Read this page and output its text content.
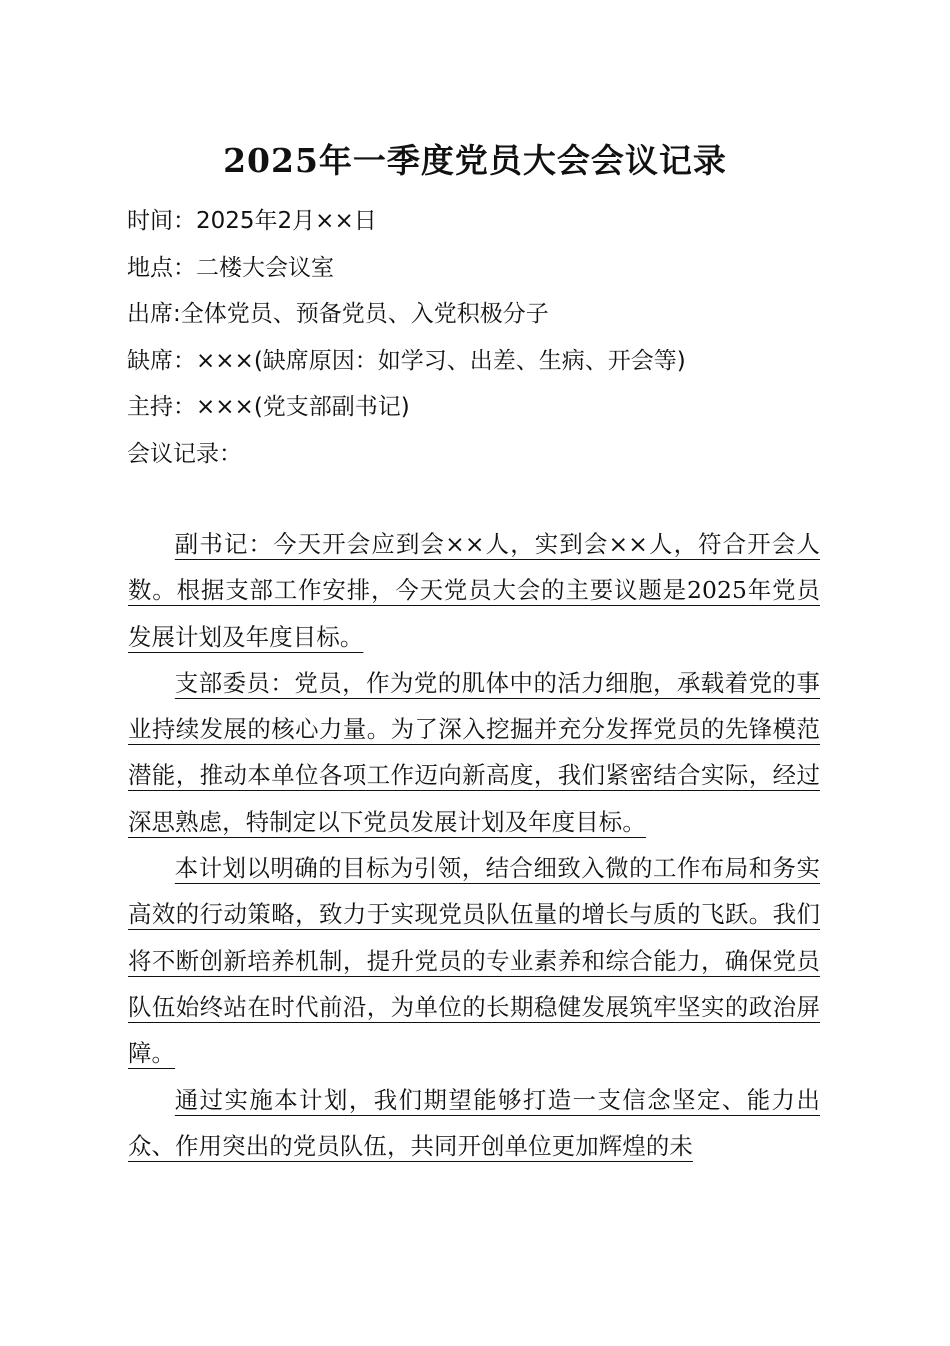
2025年一季度党员大会会议记录
时间：2025年2月××日
地点：二楼大会议室
出席:全体党员、预备党员、入党积极分子
缺席：×××(缺席原因：如学习、出差、生病、开会等)
主持：×××(党支部副书记)
会议记录：

副书记：今天开会应到会××人，实到会××人，符合开会人数。根据支部工作安排，今天党员大会的主要议题是2025年党员发展计划及年度目标。

支部委员：党员，作为党的肌体中的活力细胞，承载着党的事业持续发展的核心力量。为了深入挖掘并充分发挥党员的先锋模范潜能，推动本单位各项工作迈向新高度，我们紧密结合实际，经过深思熟虑，特制定以下党员发展计划及年度目标。

本计划以明确的目标为引领，结合细致入微的工作布局和务实高效的行动策略，致力于实现党员队伍量的增长与质的飞跃。我们将不断创新培养机制，提升党员的专业素养和综合能力，确保党员队伍始终站在时代前沿，为单位的长期稳健发展筑牢坚实的政治屏障。

通过实施本计划，我们期望能够打造一支信念坚定、能力出众、作用突出的党员队伍，共同开创单位更加辉煌的未
